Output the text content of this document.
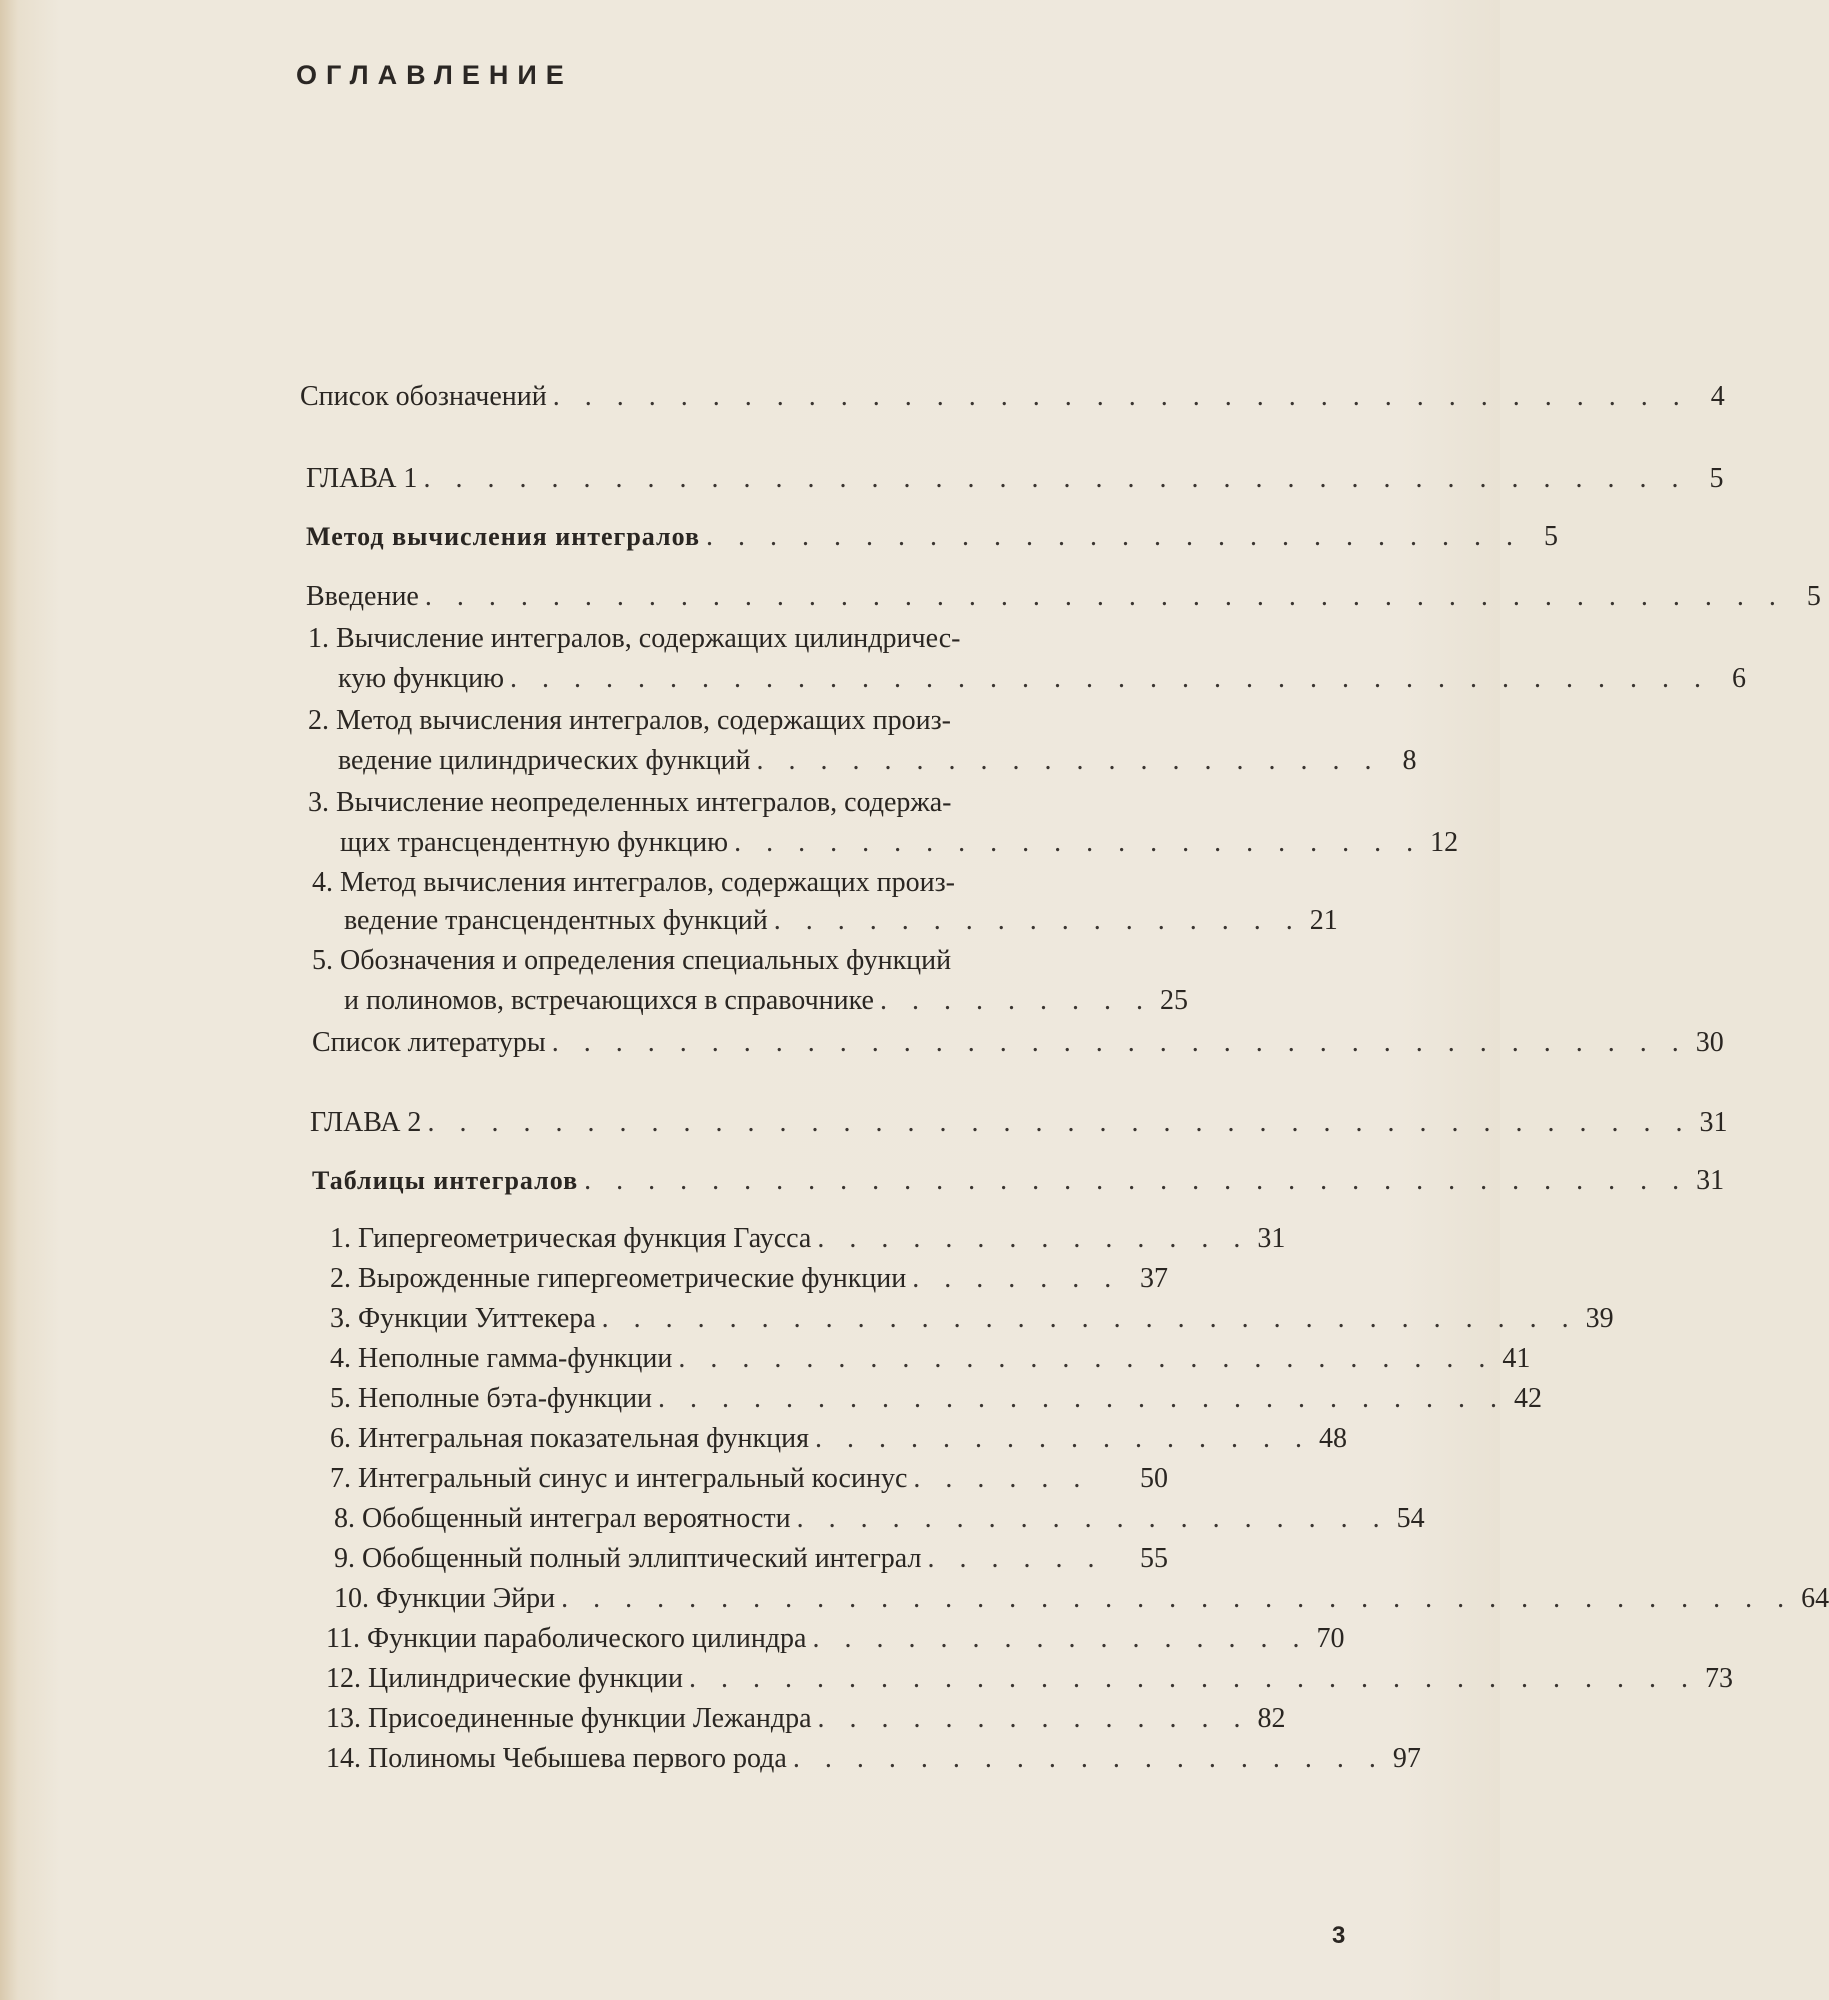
ОГЛАВЛЕНИЕ
Список обозначений . . . . . . . . . . . . . . . . . . . . . . . . . . . . . . . . . . . . 4
ГЛАВА 1 . . . . . . . . . . . . . . . . . . . . . . . . . . . . . . . . . . . . . . . . 5
Метод вычисления интегралов . . . . . . . . . . . . . . . . . . . . . . . . . . 5
Введение . . . . . . . . . . . . . . . . . . . . . . . . . . . . . . . . . . . . . . . . . . . 5
1. Вычисление интегралов, содержащих цилиндричес-
кую функцию . . . . . . . . . . . . . . . . . . . . . . . . . . . . . . . . . . . . . . 6
2. Метод вычисления интегралов, содержащих произ-
ведение цилиндрических функций . . . . . . . . . . . . . . . . . . . . 8
3. Вычисление неопределенных интегралов, содержа-
щих трансцендентную функцию . . . . . . . . . . . . . . . . . . . . . . 12
4. Метод вычисления интегралов, содержащих произ-
ведение трансцендентных функций . . . . . . . . . . . . . . . . . 21
5. Обозначения и определения специальных функций
и полиномов, встречающихся в справочнике . . . . . . . . . 25
Список литературы . . . . . . . . . . . . . . . . . . . . . . . . . . . . . . . . . . . . 30
ГЛАВА 2 . . . . . . . . . . . . . . . . . . . . . . . . . . . . . . . . . . . . . . . . 31
Таблицы интегралов . . . . . . . . . . . . . . . . . . . . . . . . . . . . . . . . . . . 31
1. Гипергеометрическая функция Гаусса . . . . . . . . . . . . . . 31
2. Вырожденные гипергеометрические функции . . . . . . . 37
3. Функции Уиттекера . . . . . . . . . . . . . . . . . . . . . . . . . . . . . . . 39
4. Неполные гамма-функции . . . . . . . . . . . . . . . . . . . . . . . . . . 41
5. Неполные бэта-функции . . . . . . . . . . . . . . . . . . . . . . . . . . . 42
6. Интегральная показательная функция . . . . . . . . . . . . . . . . 48
7. Интегральный синус и интегральный косинус . . . . . .	50
8. Обобщенный интеграл вероятности . . . . . . . . . . . . . . . . . . . 54
9. Обобщенный полный эллиптический интеграл . . . . . .	55
10. Функции Эйри . . . . . . . . . . . . . . . . . . . . . . . . . . . . . . . . . . . . . . . 64
11. Функции параболического цилиндра . . . . . . . . . . . . . . . . 70
12. Цилиндрические функции . . . . . . . . . . . . . . . . . . . . . . . . . . . . . . . . 73
13. Присоединенные функции Лежандра . . . . . . . . . . . . . . 82
14. Полиномы Чебышева первого рода . . . . . . . . . . . . . . . . . . . 97
3
